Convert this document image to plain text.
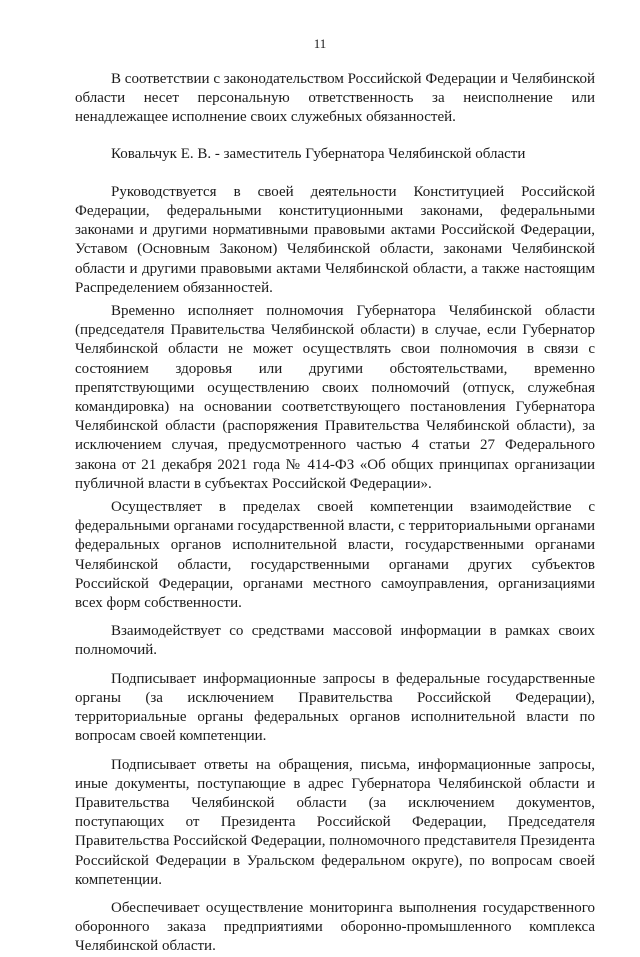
11

В соответствии с законодательством Российской Федерации и Челябинской области несет персональную ответственность за неисполнение или ненадлежащее исполнение своих служебных обязанностей.

Ковальчук Е. В. - заместитель Губернатора Челябинской области

Руководствуется в своей деятельности Конституцией Российской Федерации, федеральными конституционными законами, федеральными законами и другими нормативными правовыми актами Российской Федерации, Уставом (Основным Законом) Челябинской области, законами Челябинской области и другими правовыми актами Челябинской области, а также настоящим Распределением обязанностей.

Временно исполняет полномочия Губернатора Челябинской области (председателя Правительства Челябинской области) в случае, если Губернатор Челябинской области не может осуществлять свои полномочия в связи с состоянием здоровья или другими обстоятельствами, временно препятствующими осуществлению своих полномочий (отпуск, служебная командировка) на основании соответствующего постановления Губернатора Челябинской области (распоряжения Правительства Челябинской области), за исключением случая, предусмотренного частью 4 статьи 27 Федерального закона от 21 декабря 2021 года № 414-ФЗ «Об общих принципах организации публичной власти в субъектах Российской Федерации».

Осуществляет в пределах своей компетенции взаимодействие с федеральными органами государственной власти, с территориальными органами федеральных органов исполнительной власти, государственными органами Челябинской области, государственными органами других субъектов Российской Федерации, органами местного самоуправления, организациями всех форм собственности.

Взаимодействует со средствами массовой информации в рамках своих полномочий.

Подписывает информационные запросы в федеральные государственные органы (за исключением Правительства Российской Федерации), территориальные органы федеральных органов исполнительной власти по вопросам своей компетенции.

Подписывает ответы на обращения, письма, информационные запросы, иные документы, поступающие в адрес Губернатора Челябинской области и Правительства Челябинской области (за исключением документов, поступающих от Президента Российской Федерации, Председателя Правительства Российской Федерации, полномочного представителя Президента Российской Федерации в Уральском федеральном округе), по вопросам своей компетенции.

Обеспечивает осуществление мониторинга выполнения государственного оборонного заказа предприятиями оборонно-промышленного комплекса Челябинской области.
